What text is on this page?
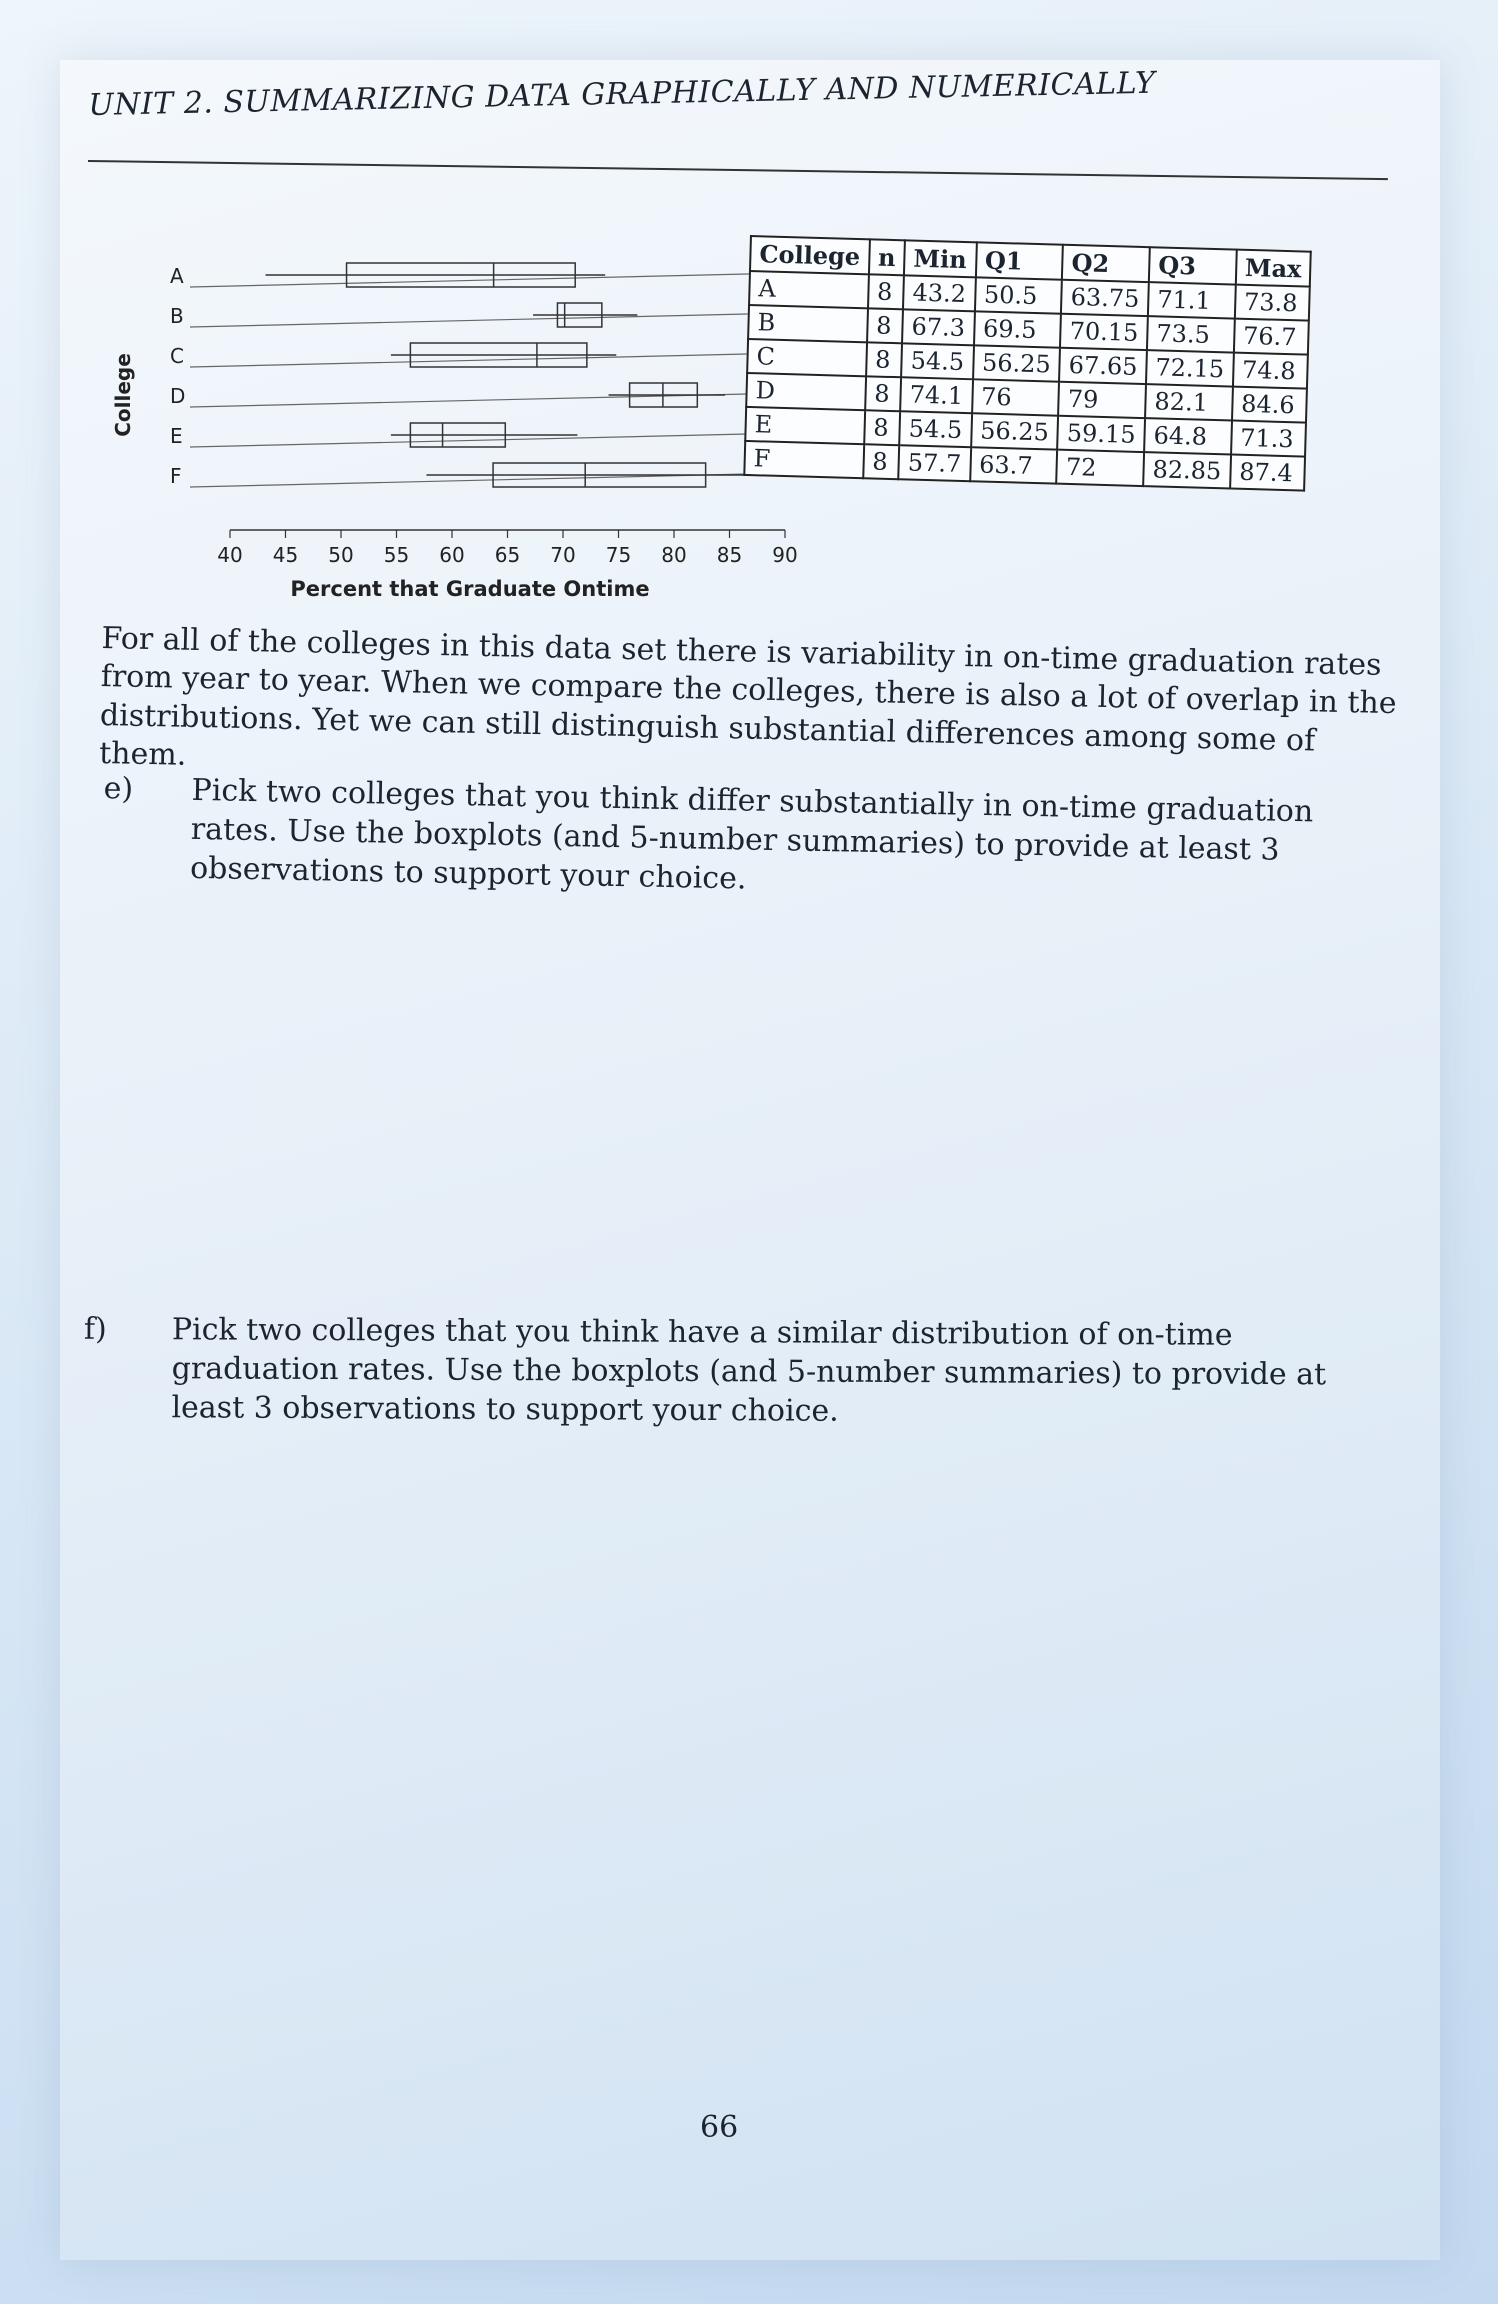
UNIT 2. SUMMARIZING DATA GRAPHICALLY AND NUMERICALLY
College
A
B
C
D
E
F
40 45 50 55 60 65 70 75 80 85 90
Percent that Graduate Ontime
College	n	Min	Q1	Q2	Q3	Max
A	8	43.2	50.5	63.75	71.1	73.8
B	8	67.3	69.5	70.15	73.5	76.7
C	8	54.5	56.25	67.65	72.15	74.8
D	8	74.1	76	79	82.1	84.6
E	8	54.5	56.25	59.15	64.8	71.3
F	8	57.7	63.7	72	82.85	87.4
For all of the colleges in this data set there is variability in on-time graduation rates from year to year. When we compare the colleges, there is also a lot of overlap in the distributions. Yet we can still distinguish substantial differences among some of them.
e) Pick two colleges that you think differ substantially in on-time graduation rates. Use the boxplots (and 5-number summaries) to provide at least 3 observations to support your choice.
f) Pick two colleges that you think have a similar distribution of on-time graduation rates. Use the boxplots (and 5-number summaries) to provide at least 3 observations to support your choice.
66
